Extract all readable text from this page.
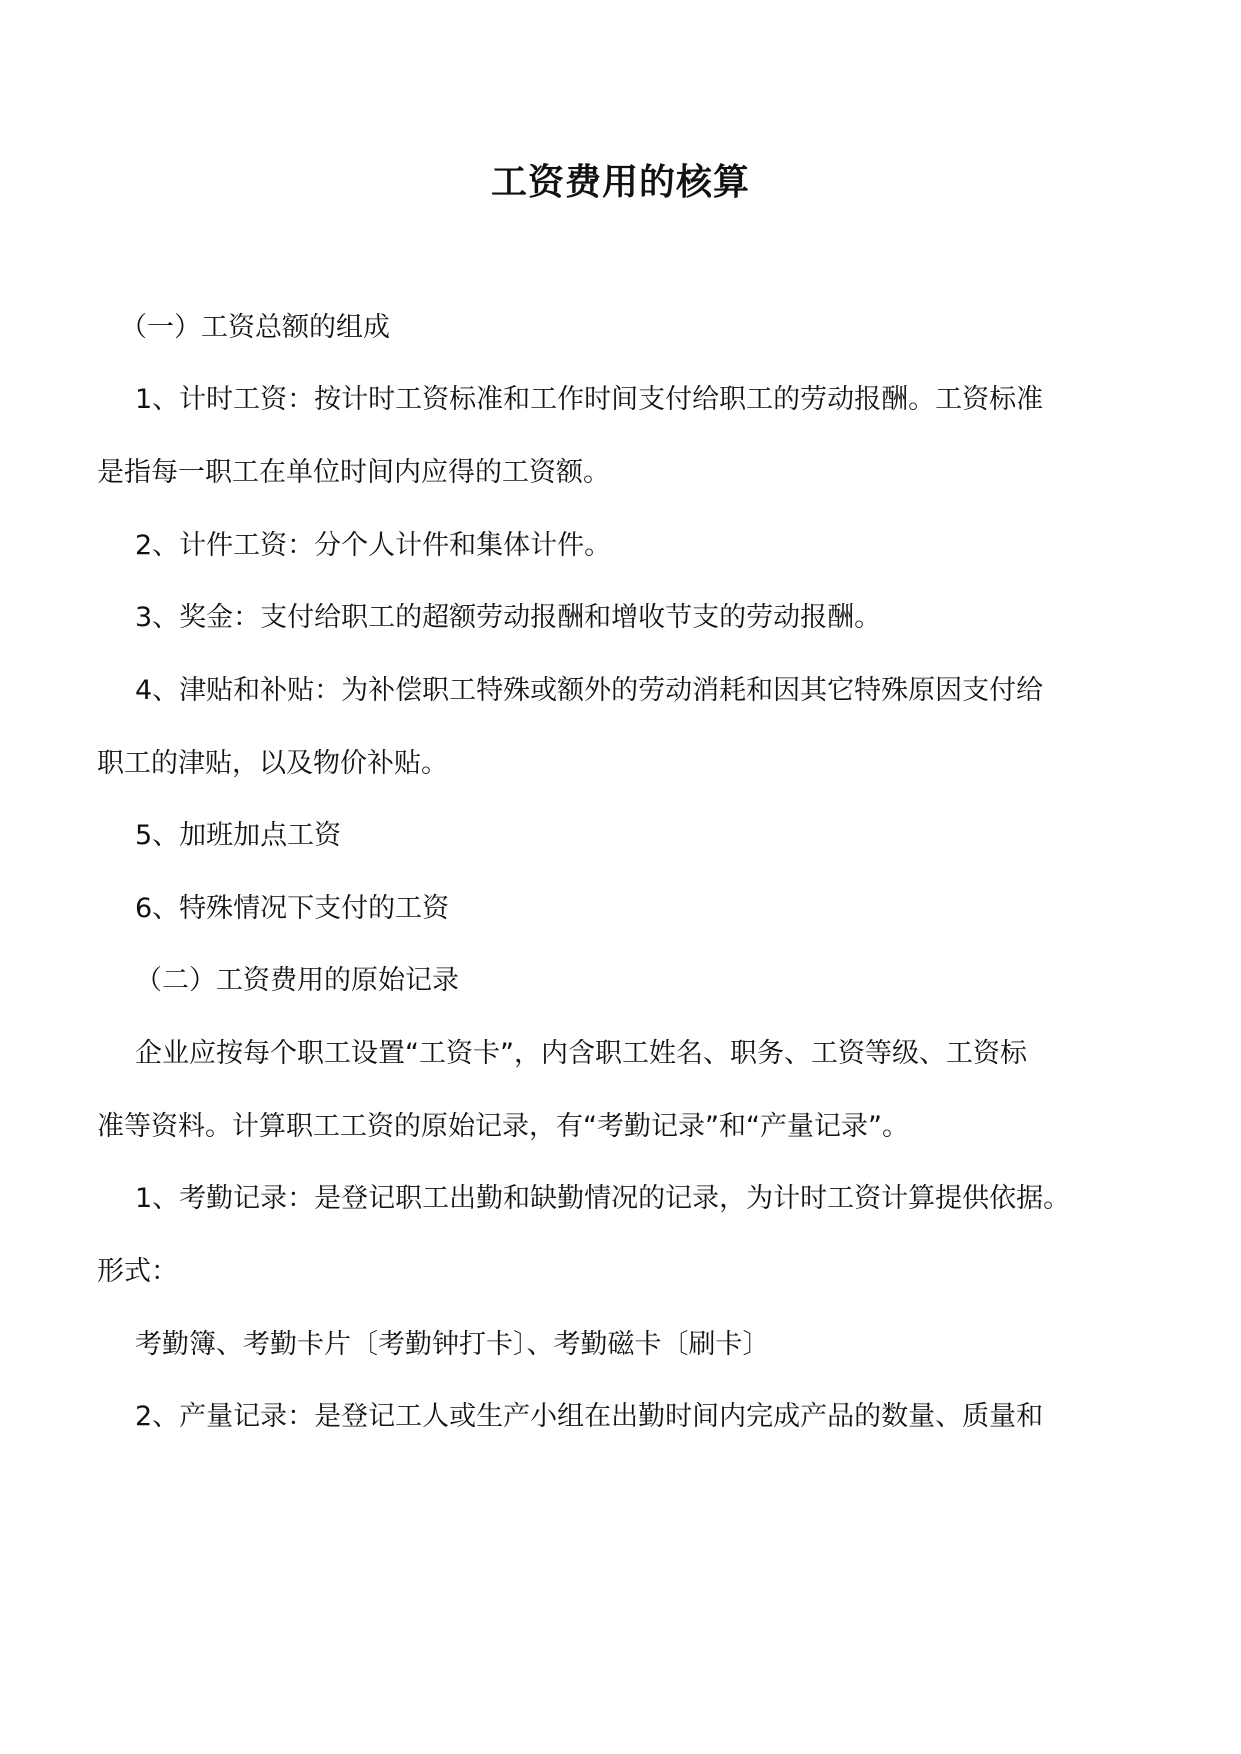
工资费用的核算

（一）工资总额的组成

1、计时工资：按计时工资标准和工作时间支付给职工的劳动报酬。工资标准

是指每一职工在单位时间内应得的工资额。

2、计件工资：分个人计件和集体计件。

3、奖金：支付给职工的超额劳动报酬和增收节支的劳动报酬。

4、津贴和补贴：为补偿职工特殊或额外的劳动消耗和因其它特殊原因支付给

职工的津贴，以及物价补贴。

5、加班加点工资

6、特殊情况下支付的工资

（二）工资费用的原始记录

企业应按每个职工设置“工资卡”，内含职工姓名、职务、工资等级、工资标

准等资料。计算职工工资的原始记录，有“考勤记录”和“产量记录”。

1、考勤记录：是登记职工出勤和缺勤情况的记录，为计时工资计算提供依据。

形式：

考勤簿、考勤卡片〔考勤钟打卡〕、考勤磁卡〔刷卡〕

2、产量记录：是登记工人或生产小组在出勤时间内完成产品的数量、质量和
